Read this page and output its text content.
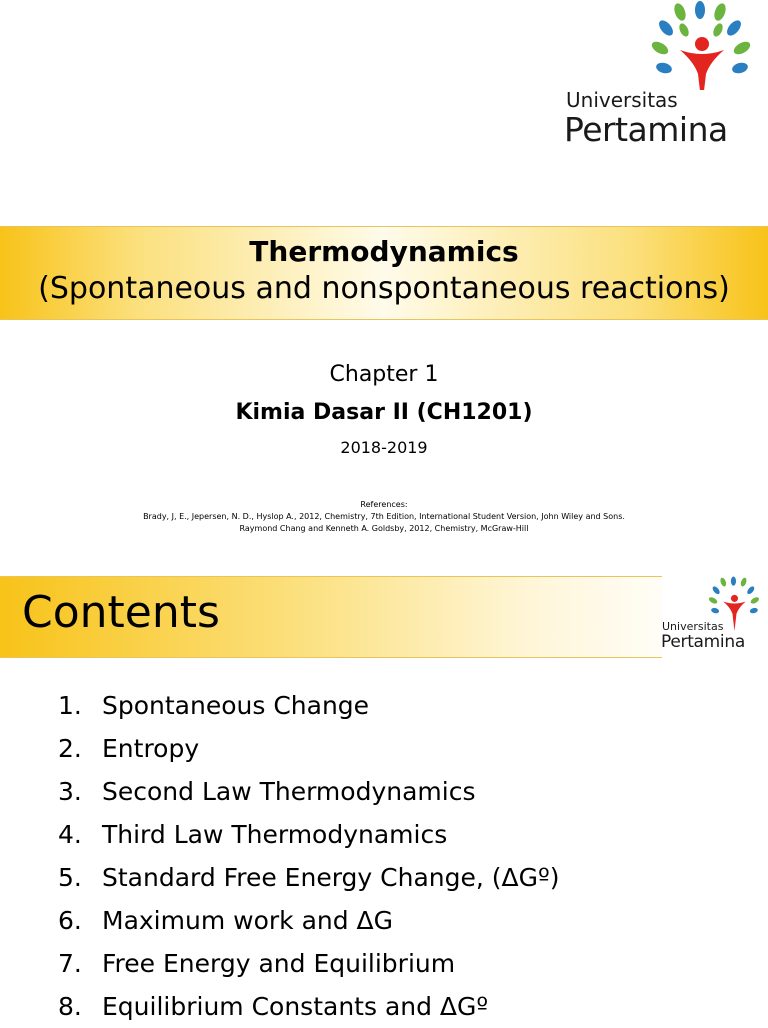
Universitas
Pertamina
Thermodynamics
(Spontaneous and nonspontaneous reactions)
Chapter 1
Kimia Dasar II (CH1201)
2018-2019
References:
Brady, J, E., Jepersen, N. D., Hyslop A., 2012, Chemistry, 7th Edition, International Student Version, John Wiley and Sons.
Raymond Chang and Kenneth A. Goldsby, 2012, Chemistry, McGraw-Hill
Contents	Universitas
Pertamina
1. Spontaneous Change
2. Entropy
3. Second Law Thermodynamics
4. Third Law Thermodynamics
5. Standard Free Energy Change, (ΔGº)
6. Maximum work and ΔG
7. Free Energy and Equilibrium
8. Equilibrium Constants and ΔGº
